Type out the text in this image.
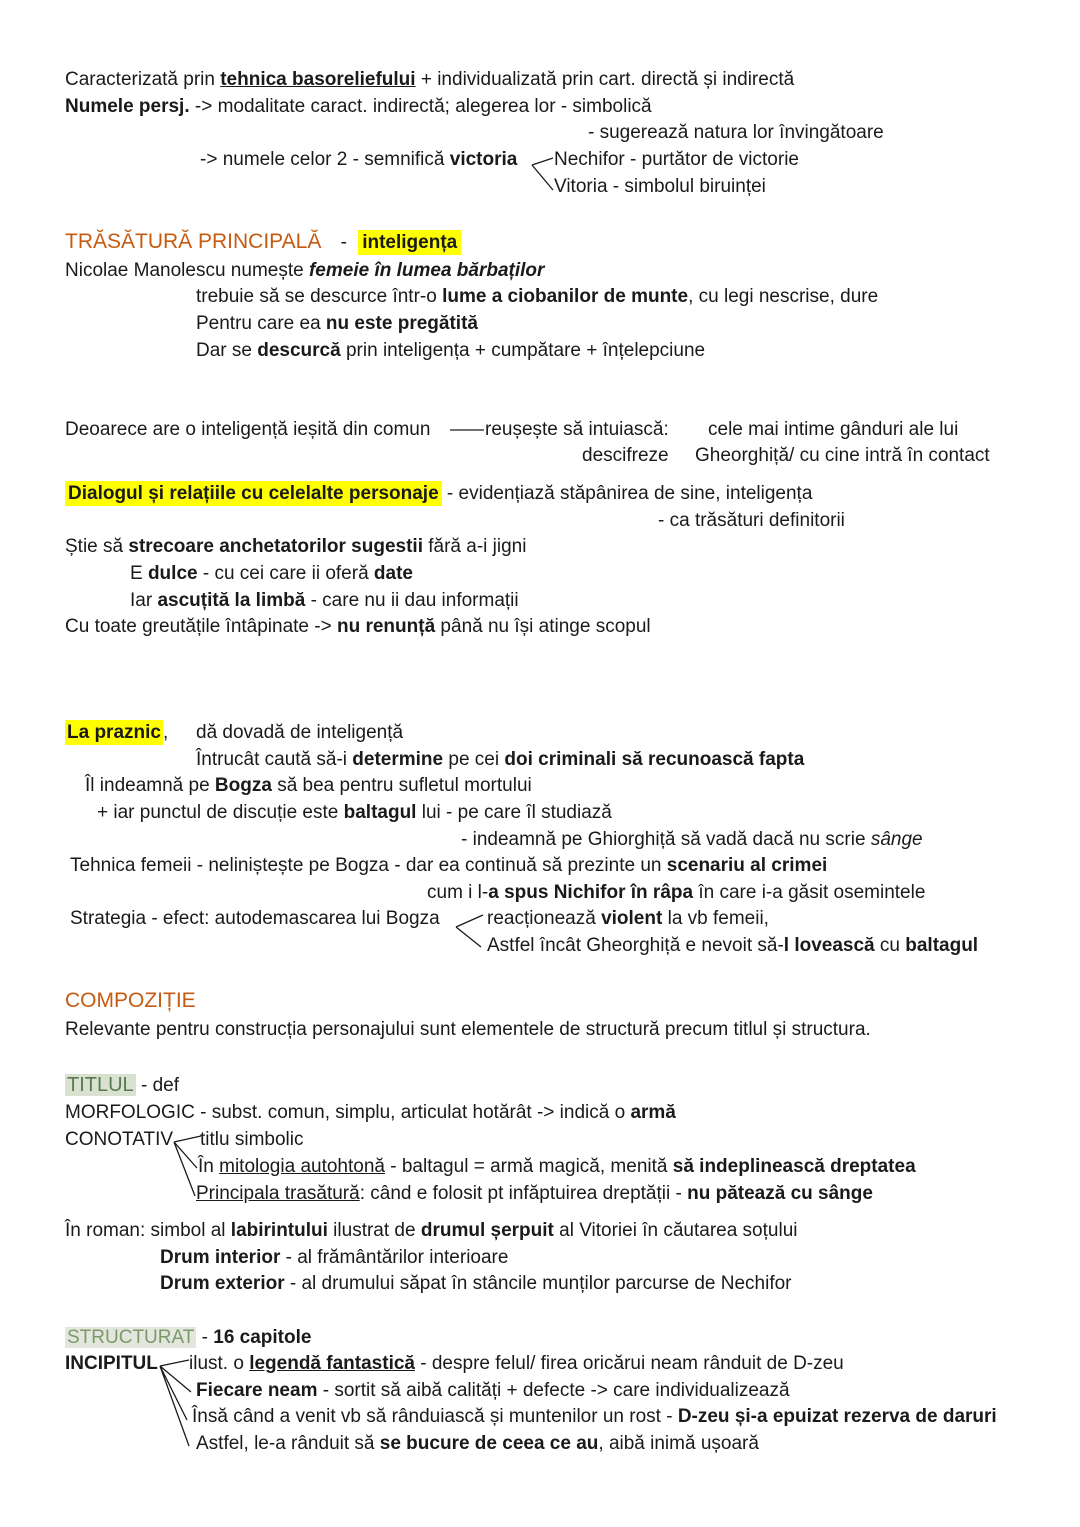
Caracterizată prin tehnica basoreliefului + individualizată prin cart. directă și indirectă
Numele persj. -> modalitate caract. indirectă; alegerea lor - simbolică
- sugerează natura lor învingătoare
-> numele celor 2 - semnifică victoria Nechifor - purtător de victorie
Vitoria - simbolul biruinței
TRĂSĂTURĂ PRINCIPALĂ - inteligența
Nicolae Manolescu numește femeie în lumea bărbaților
trebuie să se descurce într-o lume a ciobanilor de munte, cu legi nescrise, dure
Pentru care ea nu este pregătită
Dar se descurcă prin inteligența + cumpătare + înțelepciune
Deoarece are o inteligență ieșită din comun	reușește să intuiască: cele mai intime gânduri ale lui
descifreze Gheorghiță/ cu cine intră în contact
Dialogul și relațiile cu celelalte personaje - evidențiază stăpânirea de sine, inteligența
- ca trăsături definitorii
Știe să strecoare anchetatorilor sugestii fără a-i jigni
E dulce - cu cei care ii oferă date
Iar ascuțită la limbă - care nu ii dau informații
Cu toate greutățile întâpinate -> nu renunță până nu își atinge scopul
La praznic , dă dovadă de inteligență
Întrucât caută să-i determine pe cei doi criminali să recunoască fapta
Îl indeamnă pe Bogza să bea pentru sufletul mortului
+ iar punctul de discuție este baltagul lui - pe care îl studiază
- indeamnă pe Ghiorghiță să vadă dacă nu scrie sânge
Tehnica femeii - neliniștește pe Bogza - dar ea continuă să prezinte un scenariu al crimei
cum i l-a spus Nichifor în râpa în care i-a găsit osemintele
Strategia - efect: autodemascarea lui Bogza reacționează violent la vb femeii,
Astfel încât Gheorghiță e nevoit să-l lovească cu baltagul
COMPOZIȚIE
Relevante pentru construcția personajului sunt elementele de structură precum titlul și structura.
TITLUL - def
MORFOLOGIC - subst. comun, simplu, articulat hotărât -> indică o armă
CONOTATIV titlu simbolic
În mitologia autohtonă - baltagul = armă magică, menită să indeplinească dreptatea
Principala trasătură: când e folosit pt infăptuirea dreptății - nu pătează cu sânge
În roman: simbol al labirintului ilustrat de drumul șerpuit al Vitoriei în căutarea soțului
Drum interior - al frământărilor interioare
Drum exterior - al drumului săpat în stâncile munților parcurse de Nechifor
STRUCTURAT - 16 capitole
INCIPITUL ilust. o legendă fantastică - despre felul/ firea oricărui neam rânduit de D-zeu
Fiecare neam - sortit să aibă calități + defecte -> care individualizează
Însă când a venit vb să rânduiască și muntenilor un rost - D-zeu și-a epuizat rezerva de daruri
Astfel, le-a rânduit să se bucure de ceea ce au, aibă inimă ușoară
